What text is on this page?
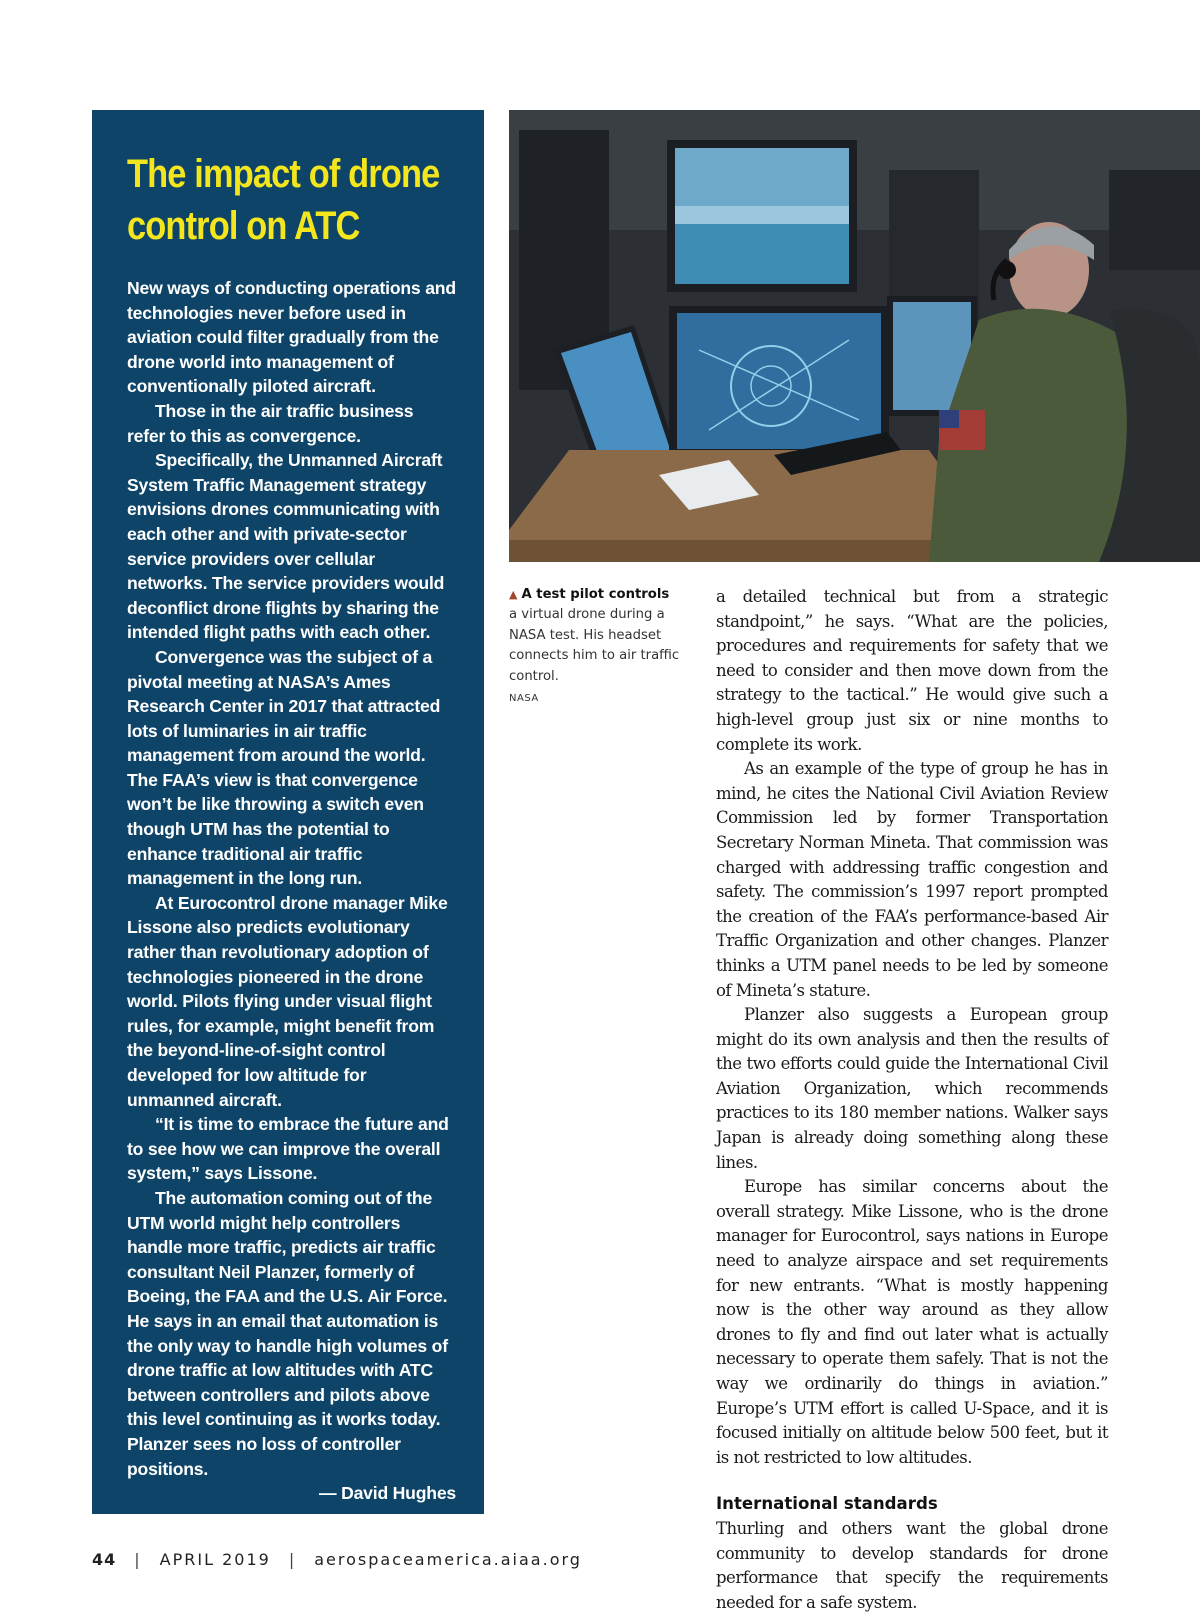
The impact of drone
control on ATC

New ways of conducting operations and technologies never before used in aviation could filter gradually from the drone world into management of conventionally piloted aircraft.

Those in the air traffic business refer to this as convergence.

Specifically, the Unmanned Aircraft System Traffic Management strategy envisions drones communicating with each other and with private-sector service providers over cellular networks. The service providers would deconflict drone flights by sharing the intended flight paths with each other.

Convergence was the subject of a pivotal meeting at NASA’s Ames Research Center in 2017 that attracted lots of luminaries in air traffic management from around the world. The FAA’s view is that convergence won’t be like throwing a switch even though UTM has the potential to enhance traditional air traffic management in the long run.

At Eurocontrol drone manager Mike Lissone also predicts evolutionary rather than revolutionary adoption of technologies pioneered in the drone world. Pilots flying under visual flight rules, for example, might benefit from the beyond-line-of-sight control developed for low altitude for unmanned aircraft.

“It is time to embrace the future and to see how we can improve the overall system,” says Lissone.

The automation coming out of the UTM world might help controllers handle more traffic, predicts air traffic consultant Neil Planzer, formerly of Boeing, the FAA and the U.S. Air Force. He says in an email that automation is the only way to handle high volumes of drone traffic at low altitudes with ATC between controllers and pilots above this level continuing as it works today. Planzer sees no loss of controller positions.

— David Hughes

▲ A test pilot controls
a virtual drone during a NASA test. His headset connects him to air traffic control.
NASA

a detailed technical but from a strategic standpoint,” he says. “What are the policies, procedures and requirements for safety that we need to consider and then move down from the strategy to the tactical.” He would give such a high-level group just six or nine months to complete its work.

As an example of the type of group he has in mind, he cites the National Civil Aviation Review Commission led by former Transportation Secretary Norman Mineta. That commission was charged with addressing traffic congestion and safety. The commission’s 1997 report prompted the creation of the FAA’s performance-based Air Traffic Organization and other changes. Planzer thinks a UTM panel needs to be led by someone of Mineta’s stature.

Planzer also suggests a European group might do its own analysis and then the results of the two efforts could guide the International Civil Aviation Organization, which recommends practices to its 180 member nations. Walker says Japan is already doing something along these lines.

Europe has similar concerns about the overall strategy. Mike Lissone, who is the drone manager for Eurocontrol, says nations in Europe need to analyze airspace and set requirements for new entrants. “What is mostly happening now is the other way around as they allow drones to fly and find out later what is actually necessary to operate them safely. That is not the way we ordinarily do things in aviation.” Europe’s UTM effort is called U-Space, and it is focused initially on altitude below 500 feet, but it is not restricted to low altitudes.

International standards

Thurling and others want the global drone community to develop standards for drone performance that specify the requirements needed for a safe system.

44 | APRIL 2019 | aerospaceamerica.aiaa.org
